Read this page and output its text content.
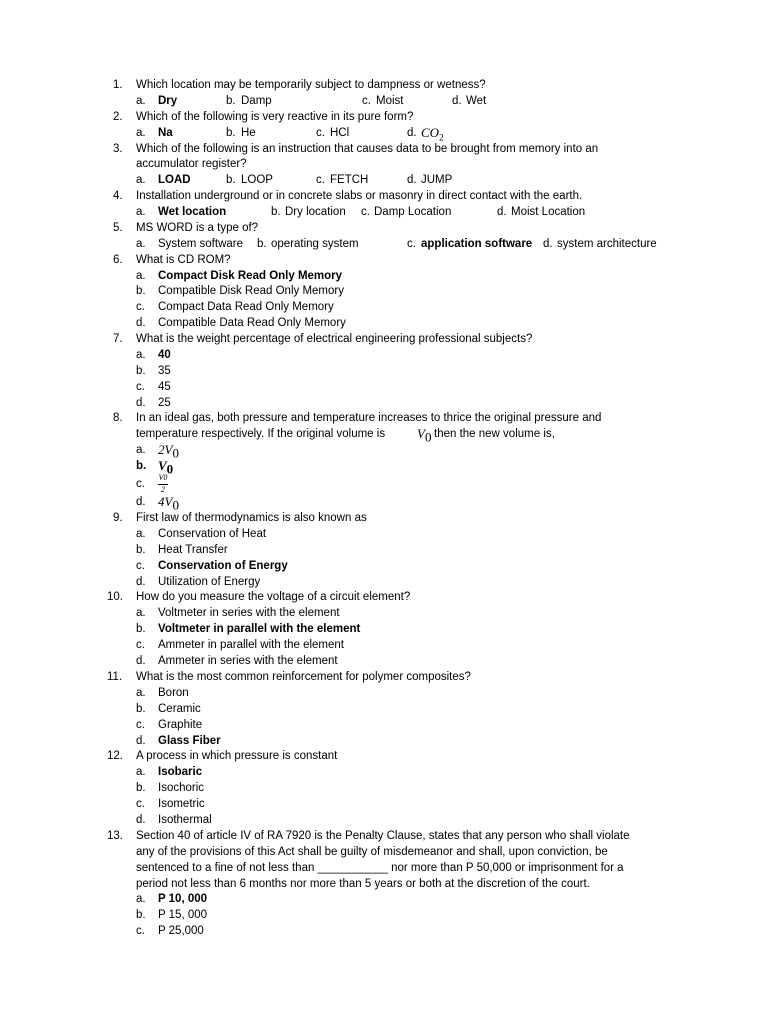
1. Which location may be temporarily subject to dampness or wetness?
a. Dry	b. Damp	c. Moist	d. Wet
2. Which of the following is very reactive in its pure form?
a. Na	b. He	c. HCl	d. $CO_2$
3. Which of the following is an instruction that causes data to be brought from memory into an
accumulator register?
a. LOAD	b. LOOP	c. FETCH	d. JUMP
4. Installation underground or in concrete slabs or masonry in direct contact with the earth.
a. Wet location	b. Dry location c. Damp Location	d. Moist Location
5. MS WORD is a type of?
a. System software b. operating system	c. application software d. system architecture
6. What is CD ROM?
a. Compact Disk Read Only Memory
b. Compatible Disk Read Only Memory
c. Compact Data Read Only Memory
d. Compatible Data Read Only Memory
7. What is the weight percentage of electrical engineering professional subjects?
a. 40
b. 35
c. 45
d. 25
8. In an ideal gas, both pressure and temperature increases to thrice the original pressure and
temperature respectively. If the original volume is $V_0$ then the new volume is,
a. $2V_0$
b. $V_0$
c.
V0
2
d. $4V_0$
9. First law of thermodynamics is also known as
a. Conservation of Heat
b. Heat Transfer
c. Conservation of Energy
d. Utilization of Energy
10. How do you measure the voltage of a circuit element?
a. Voltmeter in series with the element
b. Voltmeter in parallel with the element
c. Ammeter in parallel with the element
d. Ammeter in series with the element
11. What is the most common reinforcement for polymer composites?
a. Boron
b. Ceramic
c. Graphite
d. Glass Fiber
12. A process in which pressure is constant
a. Isobaric
b. Isochoric
c. Isometric
d. Isothermal
13. Section 40 of article IV of RA 7920 is the Penalty Clause, states that any person who shall violate
any of the provisions of this Act shall be guilty of misdemeanor and shall, upon conviction, be
sentenced to a fine of not less than ___________ nor more than P 50,000 or imprisonment for a
period not less than 6 months nor more than 5 years or both at the discretion of the court.
a. P 10, 000
b. P 15, 000
c. P 25,000
